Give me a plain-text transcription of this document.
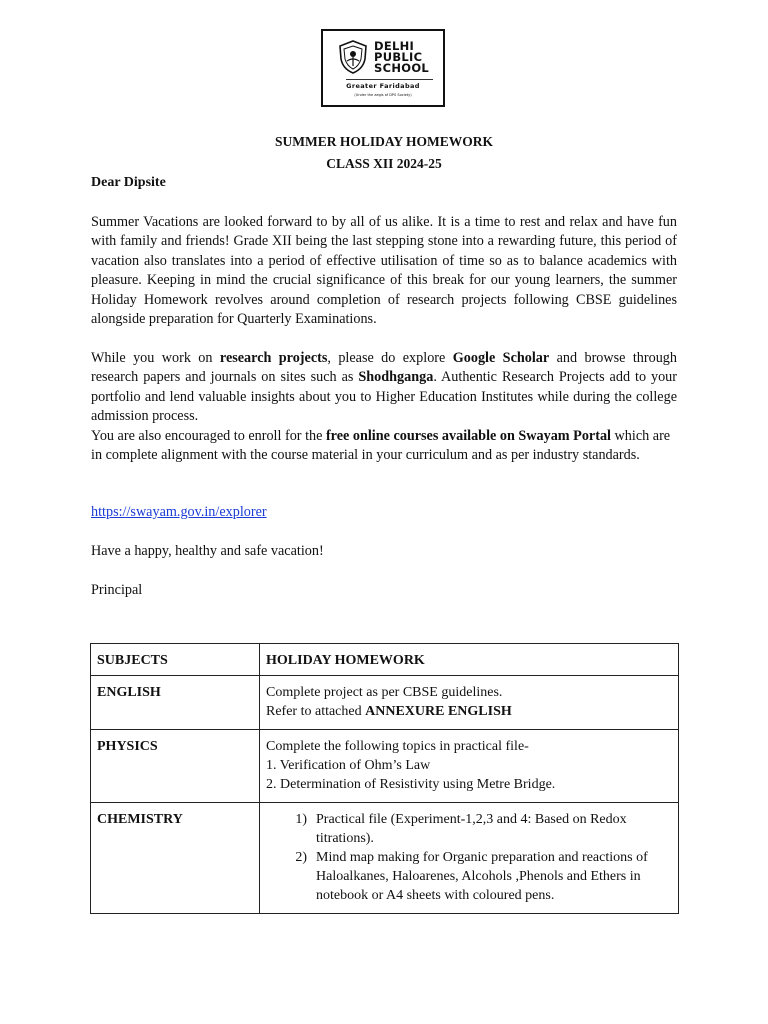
DELHI
PUBLIC
SCHOOL
Greater Faridabad
(Under the aegis of DPS Society)
SUMMER HOLIDAY HOMEWORK
CLASS XII 2024-25
Dear Dipsite
Summer Vacations are looked forward to by all of us alike. It is a time to rest and relax and have fun with family and friends! Grade XII being the last stepping stone into a rewarding future, this period of vacation also translates into a period of effective utilisation of time so as to balance academics with pleasure. Keeping in mind the crucial significance of this break for our young learners, the summer Holiday Homework revolves around completion of research projects following CBSE guidelines alongside preparation for Quarterly Examinations.
While you work on research projects, please do explore Google Scholar and browse through research papers and journals on sites such as Shodhganga. Authentic Research Projects add to your portfolio and lend valuable insights about you to Higher Education Institutes while during the college admission process.
You are also encouraged to enroll for the free online courses available on Swayam Portal which are in complete alignment with the course material in your curriculum and as per industry standards.
https://swayam.gov.in/explorer
Have a happy, healthy and safe vacation!
Principal
SUBJECTS	HOLIDAY HOMEWORK
ENGLISH	Complete project as per CBSE guidelines.
Refer to attached ANNEXURE ENGLISH

PHYSICS	Complete the following topics in practical file-
1. Verification of Ohm’s Law
2. Determination of Resistivity using Metre Bridge.

CHEMISTRY	1) Practical file (Experiment-1,2,3 and 4: Based on Redox titrations).
2) Mind map making for Organic preparation and reactions of Haloalkanes, Haloarenes, Alcohols ,Phenols and Ethers in notebook or A4 sheets with coloured pens.
